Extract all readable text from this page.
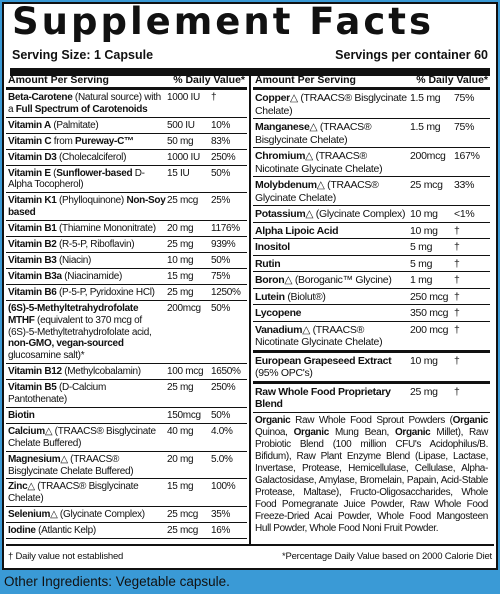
Supplement Facts
Serving Size: 1 Capsule	Servings per container 60
Amount Per Serving	% Daily Value*
Beta-Carotene (Natural source) with a Full Spectrum of Carotenoids
1000 IU	†
Vitamin A (Palmitate)	500 IU	10%
Vitamin C from Pureway-C™	50 mg	83%
Vitamin D3 (Cholecalciferol)	1000 IU	250%
Vitamin E (Sunflower-based D-Alpha Tocopherol)
15 IU	50%
Vitamin K1 (Phylloquinone) Non-Soy based
25 mcg	25%
Vitamin B1 (Thiamine Mononitrate)	20 mg	1176%
Vitamin B2 (R-5-P, Riboflavin)	25 mg	939%
Vitamin B3 (Niacin)	10 mg	50%
Vitamin B3a (Niacinamide)	15 mg	75%
Vitamin B6 (P-5-P, Pyridoxine HCl)	25 mg	1250%
(6S)-5-Methyltetrahydrofolate MTHF (equivalent to 370 mcg of (6S)-5-Methyltetrahydrofolate acid, non-GMO, vegan-sourced glucosamine salt)*
200mcg	50%
Vitamin B12 (Methylcobalamin)	100 mcg 1650%
Vitamin B5 (D-Calcium Pantothenate)
25 mg	250%
Biotin	150mcg	50%
Calcium△ (TRAACS® Bisglycinate Chelate Buffered)
40 mg	4.0%
Magnesium△ (TRAACS® Bisglycinate Chelate Buffered)
20 mg	5.0%
Zinc△ (TRAACS® Bisglycinate Chelate)
15 mg	100%
Selenium△ (Glycinate Complex)	25 mcg	35%
Iodine (Atlantic Kelp)	25 mcg	16%
Amount Per Serving	% Daily Value*
Copper△ (TRAACS® Bisglycinate Chelate)
1.5 mg	75%
Manganese△ (TRAACS® Bisglycinate Chelate)
1.5 mg	75%
Chromium△ (TRAACS® Nicotinate Glycinate Chelate)
200mcg 167%
Molybdenum△ (TRAACS® Glycinate Chelate)
25 mcg	33%
Potassium△ (Glycinate Complex) 10 mg	<1%
Alpha Lipoic Acid	10 mg	†
Inositol	5 mg	†
Rutin	5 mg	†
Boron△ (Boroganic™ Glycine)	1 mg	†
Lutein (Biolut®)	250 mcg †
Lycopene	350 mcg †
Vanadium△ (TRAACS® Nicotinate Glycinate Chelate)
200 mcg †
European Grapeseed Extract (95% OPC's)
10 mg	†
Raw Whole Food Proprietary Blend
25 mg	†
Organic Raw Whole Food Sprout Powders (Organic Quinoa, Organic Mung Bean, Organic Millet), Raw Probiotic Blend (100 million CFU's Acidophilus/B. Bifidum), Raw Plant Enzyme Blend (Lipase, Lactase, Invertase, Protease, Hemicellulase, Cellulase, Alpha- Galactosidase, Amylase, Bromelain, Papain, Acid-Stable Protease, Maltase), Fructo-Oligosaccharides, Whole Food Pomegranate Juice Powder, Raw Whole Food Freeze-Dried Acai Powder, Whole Food Mangosteen Hull Powder, Whole Food Noni Fruit Powder.
† Daily value not established	*Percentage Daily Value based on 2000 Calorie Diet
Other Ingredients: Vegetable capsule.
